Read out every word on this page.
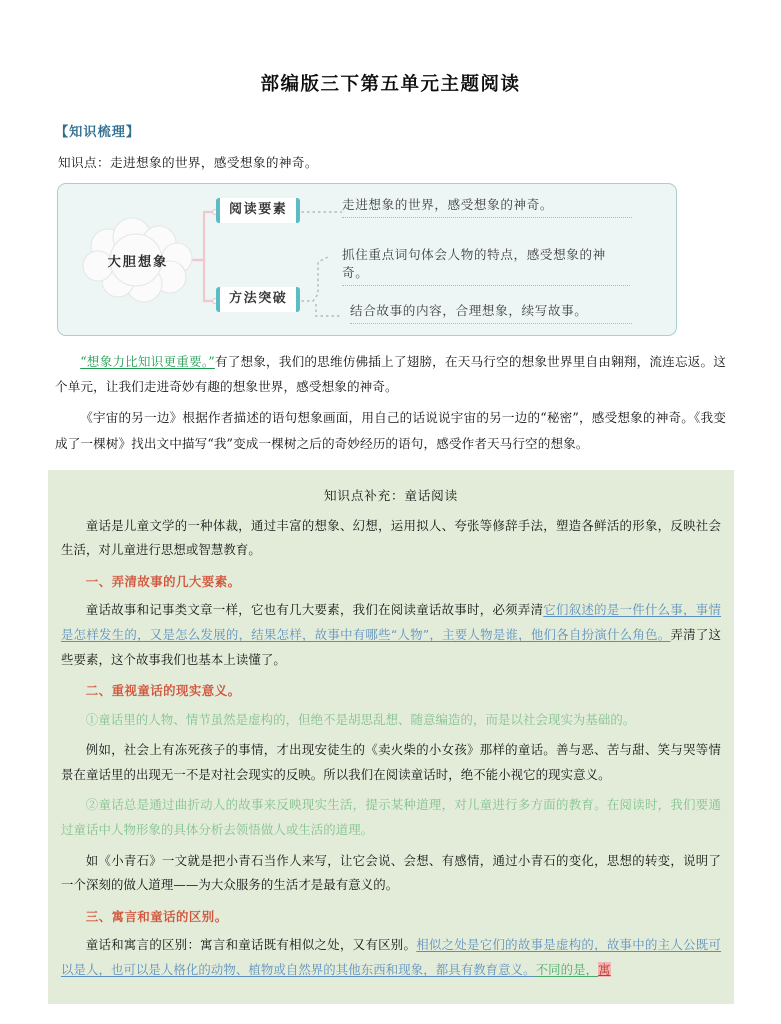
部编版三下第五单元主题阅读
【知识梳理】
知识点：走进想象的世界，感受想象的神奇。
大胆想象
阅读要素
方法突破
走进想象的世界，感受想象的神奇。
抓住重点词句体会人物的特点，感受想象的神奇。
结合故事的内容，合理想象，续写故事。

“想象力比知识更重要。”有了想象，我们的思维仿佛插上了翅膀，在天马行空的想象世界里自由翱翔，流连忘返。这个单元，让我们走进奇妙有趣的想象世界，感受想象的神奇。

《宇宙的另一边》根据作者描述的语句想象画面，用自己的话说说宇宙的另一边的“秘密”，感受想象的神奇。《我变成了一棵树》找出文中描写“我”变成一棵树之后的奇妙经历的语句，感受作者天马行空的想象。

知识点补充：童话阅读

童话是儿童文学的一种体裁，通过丰富的想象、幻想，运用拟人、夸张等修辞手法，塑造各鲜活的形象，反映社会生活，对儿童进行思想或智慧教育。

一、弄清故事的几大要素。

童话故事和记事类文章一样，它也有几大要素，我们在阅读童话故事时，必须弄清它们叙述的是一件什么事，事情是怎样发生的，又是怎么发展的，结果怎样，故事中有哪些“人物”，主要人物是谁，他们各自扮演什么角色。弄清了这些要素，这个故事我们也基本上读懂了。

二、重视童话的现实意义。

①童话里的人物、情节虽然是虚构的，但绝不是胡思乱想、随意编造的，而是以社会现实为基础的。

例如，社会上有冻死孩子的事情，才出现安徒生的《卖火柴的小女孩》那样的童话。善与恶、苦与甜、笑与哭等情景在童话里的出现无一不是对社会现实的反映。所以我们在阅读童话时，绝不能小视它的现实意义。

②童话总是通过曲折动人的故事来反映现实生活，提示某种道理，对儿童进行多方面的教育。在阅读时，我们要通过童话中人物形象的具体分析去领悟做人或生活的道理。

如《小青石》一文就是把小青石当作人来写，让它会说、会想、有感情，通过小青石的变化，思想的转变，说明了一个深刻的做人道理——为大众服务的生活才是最有意义的。

三、寓言和童话的区别。

童话和寓言的区别：寓言和童话既有相似之处，又有区别。相似之处是它们的故事是虚构的，故事中的主人公既可以是人，也可以是人格化的动物、植物或自然界的其他东西和现象，都具有教育意义。不同的是，寓
